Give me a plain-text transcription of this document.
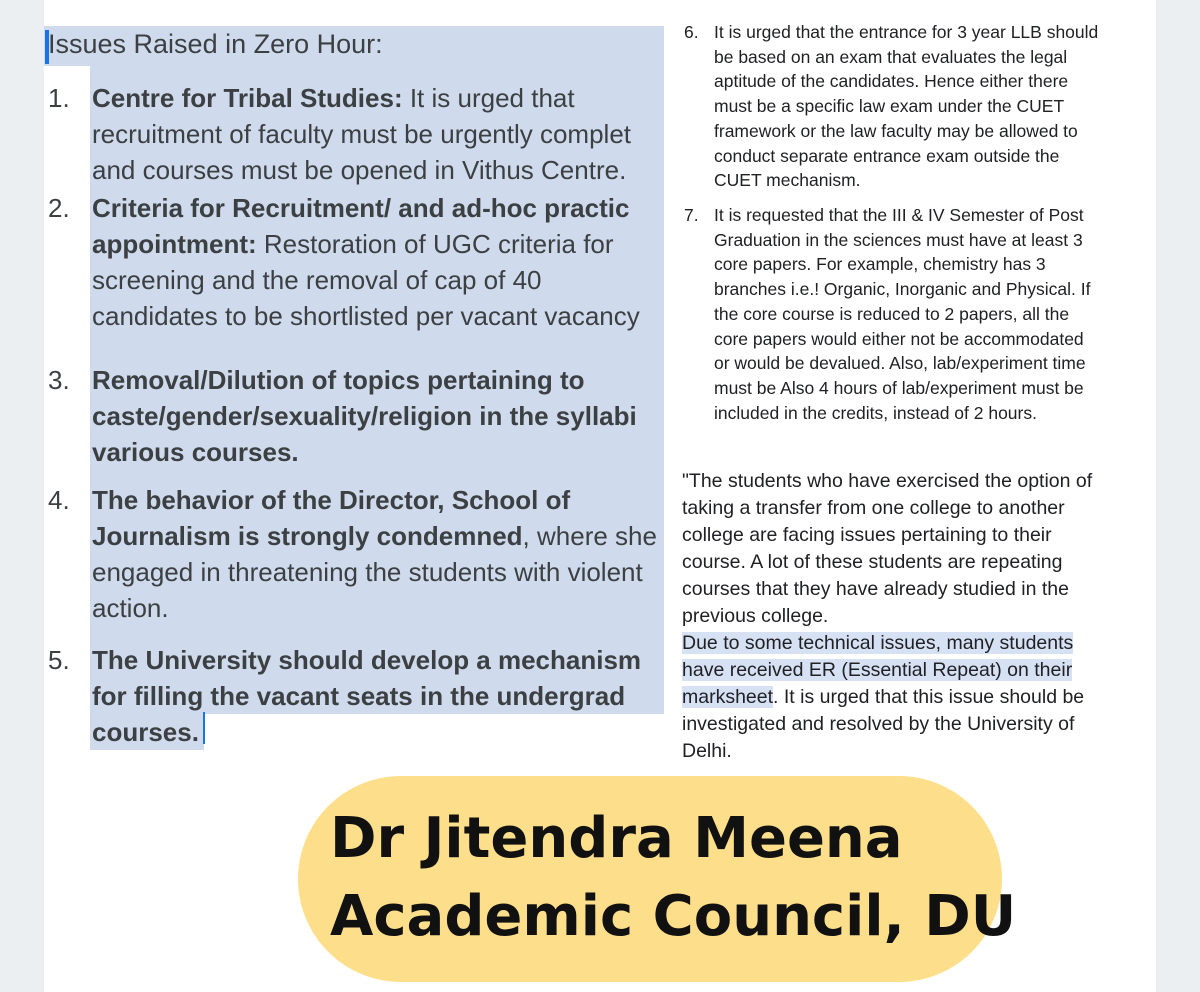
Issues Raised in Zero Hour:
1. Centre for Tribal Studies: It is urged that
recruitment of faculty must be urgently complet
and courses must be opened in Vithus Centre.
2. Criteria for Recruitment/ and ad-hoc practic
appointment: Restoration of UGC criteria for
screening and the removal of cap of 40
candidates to be shortlisted per vacant vacancy
3. Removal/Dilution of topics pertaining to
caste/gender/sexuality/religion in the syllabi
various courses.
4. The behavior of the Director, School of
Journalism is strongly condemned, where she
engaged in threatening the students with violent
action.
5. The University should develop a mechanism
for filling the vacant seats in the undergrad
courses.
6. It is urged that the entrance for 3 year LLB should
be based on an exam that evaluates the legal
aptitude of the candidates. Hence either there
must be a specific law exam under the CUET
framework or the law faculty may be allowed to
conduct separate entrance exam outside the
CUET mechanism.
7. It is requested that the III & IV Semester of Post
Graduation in the sciences must have at least 3
core papers. For example, chemistry has 3
branches i.e.! Organic, Inorganic and Physical. If
the core course is reduced to 2 papers, all the
core papers would either not be accommodated
or would be devalued. Also, lab/experiment time
must be Also 4 hours of lab/experiment must be
included in the credits, instead of 2 hours.
"The students who have exercised the option of
taking a transfer from one college to another
college are facing issues pertaining to their
course. A lot of these students are repeating
courses that they have already studied in the
previous college.
Due to some technical issues, many students
have received ER (Essential Repeat) on their
marksheet. It is urged that this issue should be
investigated and resolved by the University of
Delhi.
Dr Jitendra Meena
Academic Council, DU
